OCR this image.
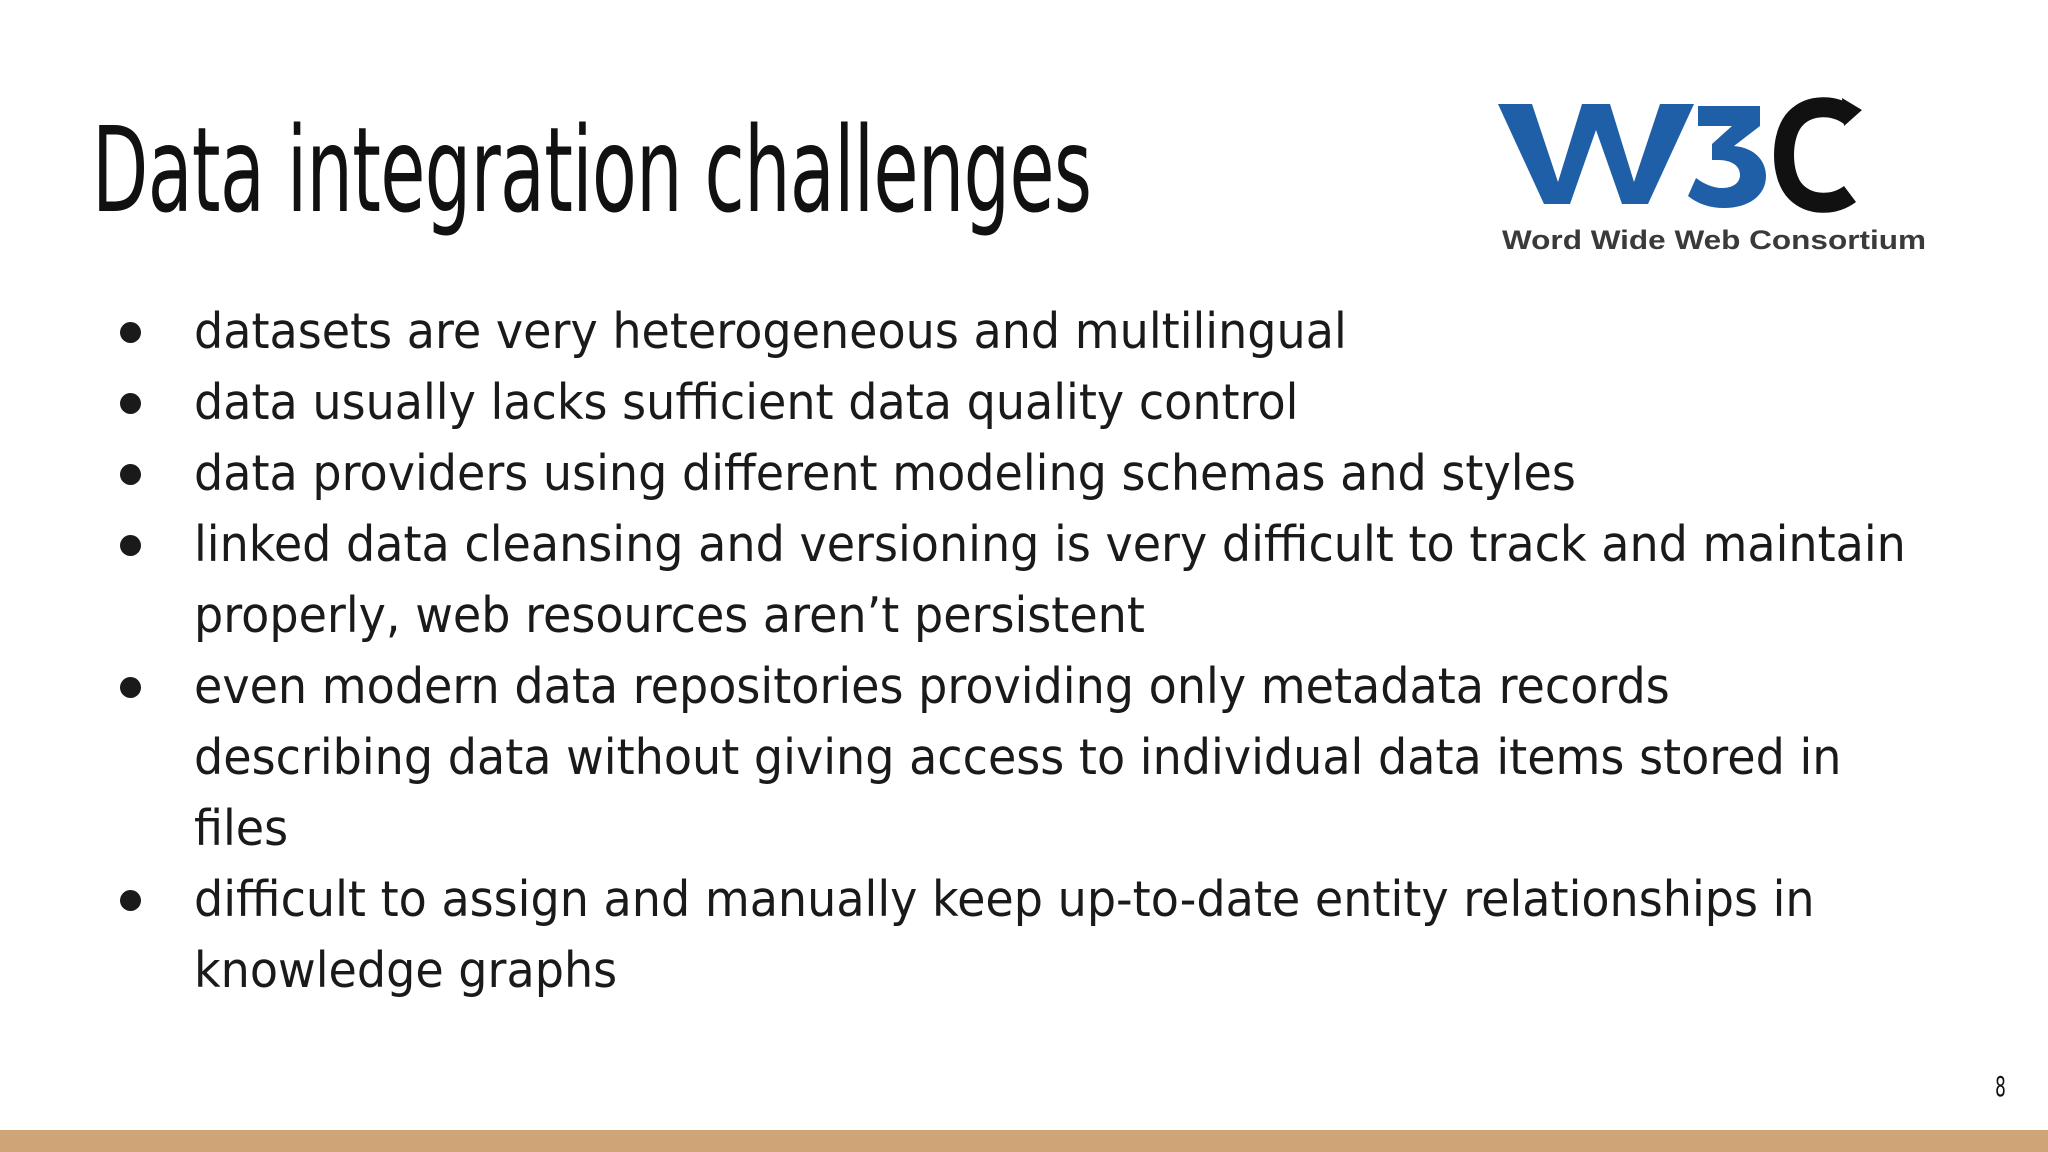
Data integration challenges
Word Wide Web Consortium
datasets are very heterogeneous and multilingual
data usually lacks sufficient data quality control
data providers using different modeling schemas and styles
linked data cleansing and versioning is very difficult to track and maintain properly, web resources aren’t persistent
even modern data repositories providing only metadata records describing data without giving access to individual data items stored in files
difficult to assign and manually keep up-to-date entity relationships in knowledge graphs
8
